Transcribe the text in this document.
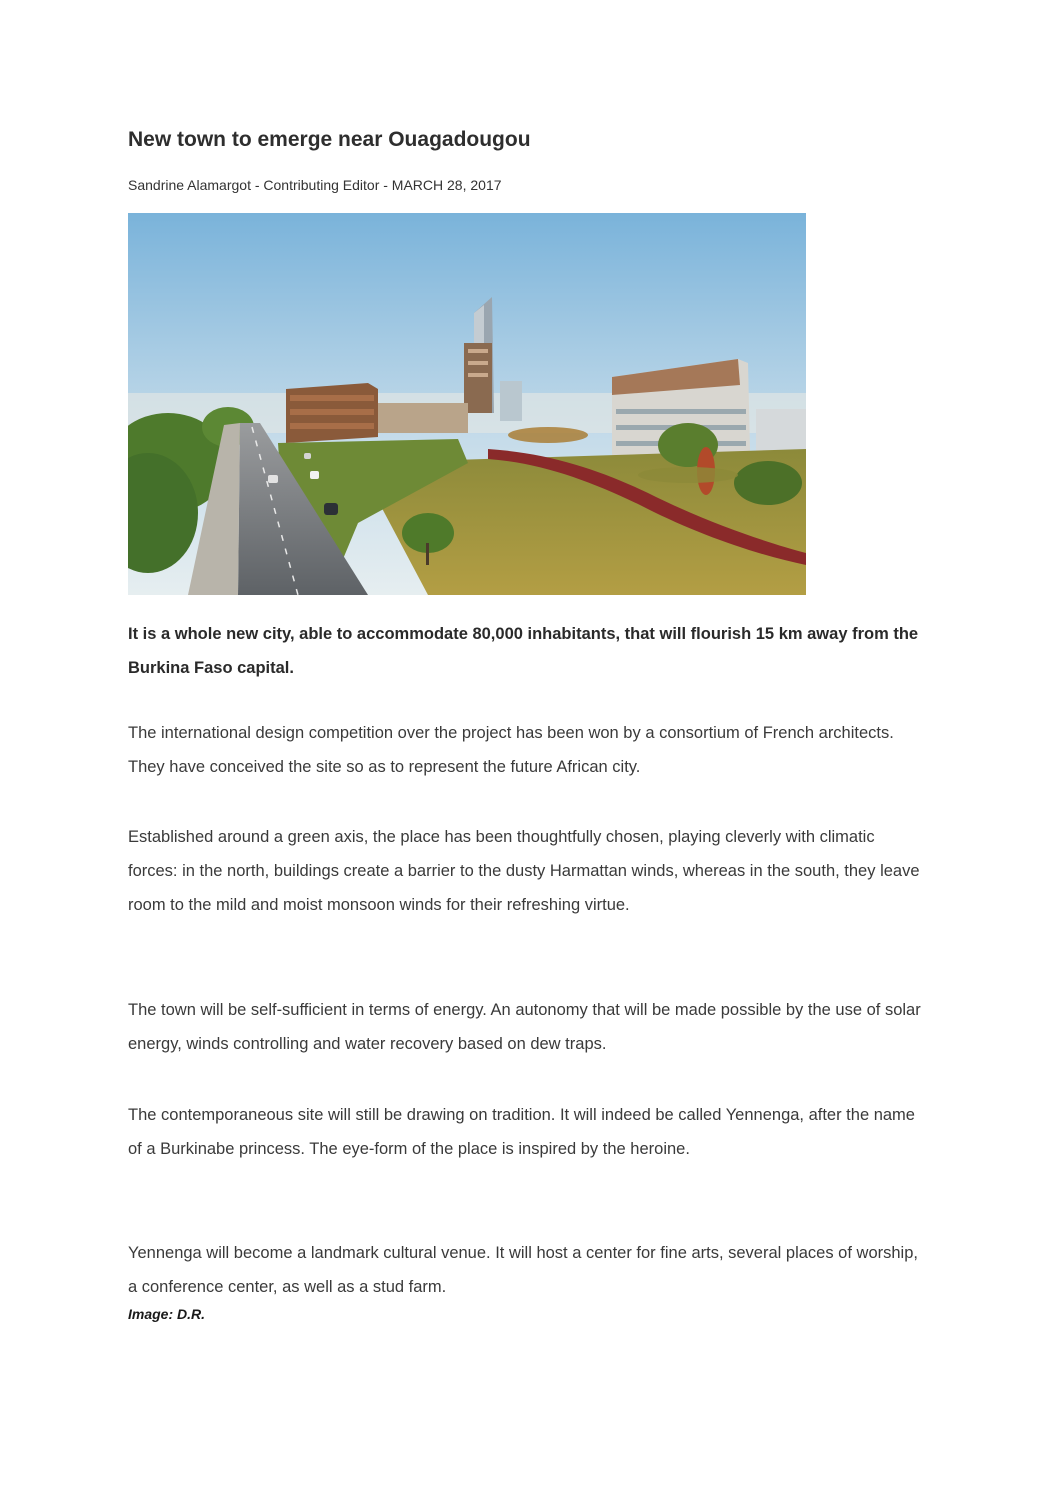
New town to emerge near Ouagadougou
Sandrine Alamargot - Contributing Editor - MARCH 28, 2017

It is a whole new city, able to accommodate 80,000 inhabitants, that will flourish 15 km away from the Burkina Faso capital.

The international design competition over the project has been won by a consortium of French architects. They have conceived the site so as to represent the future African city.

Established around a green axis, the place has been thoughtfully chosen, playing cleverly with climatic forces: in the north, buildings create a barrier to the dusty Harmattan winds, whereas in the south, they leave room to the mild and moist monsoon winds for their refreshing virtue.

The town will be self-sufficient in terms of energy. An autonomy that will be made possible by the use of solar energy, winds controlling and water recovery based on dew traps.

The contemporaneous site will still be drawing on tradition. It will indeed be called Yennenga, after the name of a Burkinabe princess. The eye-form of the place is inspired by the heroine.

Yennenga will become a landmark cultural venue. It will host a center for fine arts, several places of worship, a conference center, as well as a stud farm.

Image: D.R.
